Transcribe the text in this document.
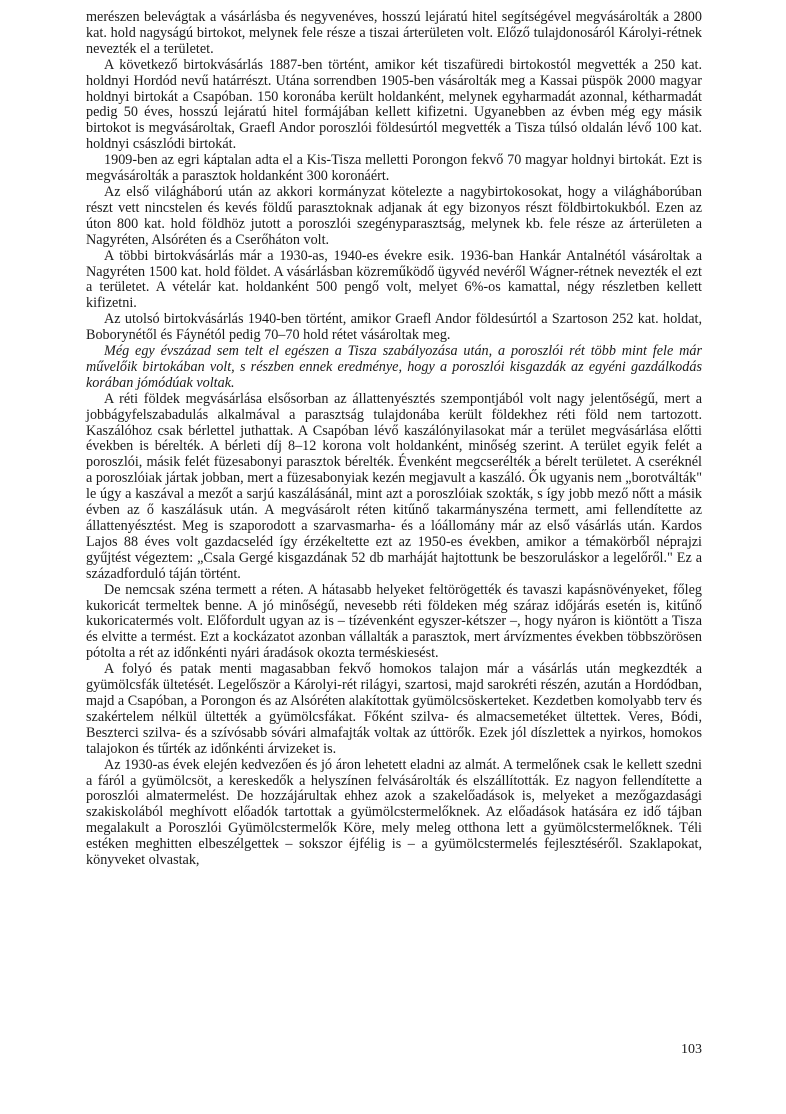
merészen belevágtak a vásárlásba és negyvenéves, hosszú lejáratú hitel segítségével megvásárolták a 2800 kat. hold nagyságú birtokot, melynek fele része a tiszai árterületen volt. Előző tulajdonosáról Károlyi-rétnek nevezték el a területet.

A következő birtokvásárlás 1887-ben történt, amikor két tiszafüredi birtokostól megvették a 250 kat. holdnyi Hordód nevű határrészt. Utána sorrendben 1905-ben vásárolták meg a Kassai püspök 2000 magyar holdnyi birtokát a Csapóban. 150 koronába került holdanként, melynek egyharmadát azonnal, kétharmadát pedig 50 éves, hosszú lejáratú hitel formájában kellett kifizetni. Ugyanebben az évben még egy másik birtokot is megvásároltak, Graefl Andor poroszlói földesúrtól megvették a Tisza túlsó oldalán lévő 100 kat. holdnyi császlódi birtokát.

1909-ben az egri káptalan adta el a Kis-Tisza melletti Porongon fekvő 70 magyar holdnyi birtokát. Ezt is megvásárolták a parasztok holdanként 300 koronáért.

Az első világháború után az akkori kormányzat kötelezte a nagybirtokosokat, hogy a világháborúban részt vett nincstelen és kevés földű parasztoknak adjanak át egy bizonyos részt földbirtokukból. Ezen az úton 800 kat. hold földhöz jutott a poroszlói szegényparasztság, melynek kb. fele része az árterületen a Nagyréten, Alsóréten és a Cserőháton volt.

A többi birtokvásárlás már a 1930-as, 1940-es évekre esik. 1936-ban Hankár Antalnétól vásároltak a Nagyréten 1500 kat. hold földet. A vásárlásban közreműködő ügyvéd nevéről Wágner-rétnek nevezték el ezt a területet. A vételár kat. holdanként 500 pengő volt, melyet 6%-os kamattal, négy részletben kellett kifizetni.

Az utolsó birtokvásárlás 1940-ben történt, amikor Graefl Andor földesúrtól a Szartoson 252 kat. holdat, Boborynétől és Fáynétól pedig 70–70 hold rétet vásároltak meg.

Még egy évszázad sem telt el egészen a Tisza szabályozása után, a poroszlói rét több mint fele már művelőik birtokában volt, s részben ennek eredménye, hogy a poroszlói kisgazdák az egyéni gazdálkodás korában jómódúak voltak.

A réti földek megvásárlása elsősorban az állattenyésztés szempontjából volt nagy jelentőségű, mert a jobbágyfelszabadulás alkalmával a parasztság tulajdonába került földekhez réti föld nem tartozott. Kaszálóhoz csak bérlettel juthattak. A Csapóban lévő kaszálónyilasokat már a terület megvásárlása előtti években is bérelték. A bérleti díj 8–12 korona volt holdanként, minőség szerint. A terület egyik felét a poroszlói, másik felét füzesabonyi parasztok bérelték. Évenként megcserélték a bérelt területet. A cseréknél a poroszlóiak jártak jobban, mert a füzesabonyiak kezén megjavult a kaszáló. Ők ugyanis nem „borotválták" le úgy a kaszával a mezőt a sarjú kaszálásánál, mint azt a poroszlóiak szokták, s így jobb mező nőtt a másik évben az ő kaszálásuk után. A megvásárolt réten kitűnő takarmányszéna termett, ami fellendítette az állattenyésztést. Meg is szaporodott a szarvasmarha- és a lóállomány már az első vásárlás után. Kardos Lajos 88 éves volt gazdacseléd így érzékeltette ezt az 1950-es években, amikor a témakörből néprajzi gyűjtést végeztem: „Csala Gergé kisgazdának 52 db marháját hajtottunk be beszoruláskor a legelőről." Ez a századforduló táján történt.

De nemcsak széna termett a réten. A hátasabb helyeket feltörögették és tavaszi kapásnövényeket, főleg kukoricát termeltek benne. A jó minőségű, nevesebb réti földeken még száraz időjárás esetén is, kitűnő kukoricatermés volt. Előfordult ugyan az is – tízévenként egyszer-kétszer –, hogy nyáron is kiöntött a Tisza és elvitte a termést. Ezt a kockázatot azonban vállalták a parasztok, mert árvízmentes években többszörösen pótolta a rét az időnkénti nyári áradások okozta terméskiesést.

A folyó és patak menti magasabban fekvő homokos talajon már a vásárlás után megkezdték a gyümölcsfák ültetését. Legelőször a Károlyi-rét rilágyi, szartosi, majd sarokréti részén, azután a Hordódban, majd a Csapóban, a Porongon és az Alsóréten alakítottak gyümölcsöskerteket. Kezdetben komolyabb terv és szakértelem nélkül ültették a gyümölcsfákat. Főként szilva- és almacsemetéket ültettek. Veres, Bódi, Beszterci szilva- és a szívósabb sóvári almafajták voltak az úttörők. Ezek jól díszlettek a nyirkos, homokos talajokon és tűrték az időnkénti árvizeket is.

Az 1930-as évek elején kedvezően és jó áron lehetett eladni az almát. A termelőnek csak le kellett szedni a fáról a gyümölcsöt, a kereskedők a helyszínen felvásárolták és elszállították. Ez nagyon fellendítette a poroszlói almatermelést. De hozzájárultak ehhez azok a szakelőadások is, melyeket a mezőgazdasági szakiskolából meghívott előadók tartottak a gyümölcstermelőknek. Az előadások hatására ez idő tájban megalakult a Poroszlói Gyümölcstermelők Köre, mely meleg otthona lett a gyümölcstermelőknek. Téli estéken meghitten elbeszélgettek – sokszor éjfélig is – a gyümölcstermelés fejlesztéséről. Szaklapokat, könyveket olvastak,

103
